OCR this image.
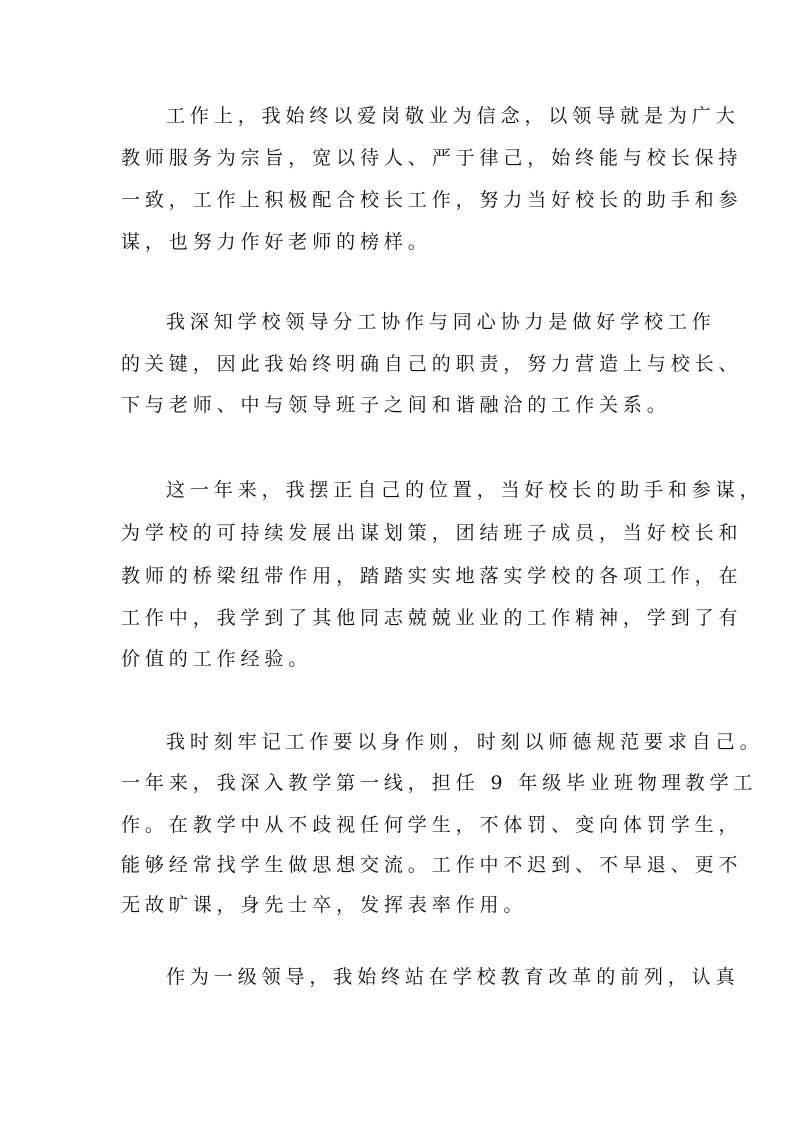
工作上，我始终以爱岗敬业为信念，以领导就是为广大
教师服务为宗旨，宽以待人、严于律己，始终能与校长保持
一致，工作上积极配合校长工作，努力当好校长的助手和参
谋，也努力作好老师的榜样。
我深知学校领导分工协作与同心协力是做好学校工作
的关键，因此我始终明确自己的职责，努力营造上与校长、
下与老师、中与领导班子之间和谐融洽的工作关系。
这一年来，我摆正自己的位置，当好校长的助手和参谋，
为学校的可持续发展出谋划策，团结班子成员，当好校长和
教师的桥梁纽带作用，踏踏实实地落实学校的各项工作，在
工作中，我学到了其他同志兢兢业业的工作精神，学到了有
价值的工作经验。
我时刻牢记工作要以身作则，时刻以师德规范要求自己。
一年来，我深入教学第一线，担任 9 年级毕业班物理教学工
作。在教学中从不歧视任何学生，不体罚、变向体罚学生，
能够经常找学生做思想交流。工作中不迟到、不早退、更不
无故旷课，身先士卒，发挥表率作用。
作为一级领导，我始终站在学校教育改革的前列，认真
